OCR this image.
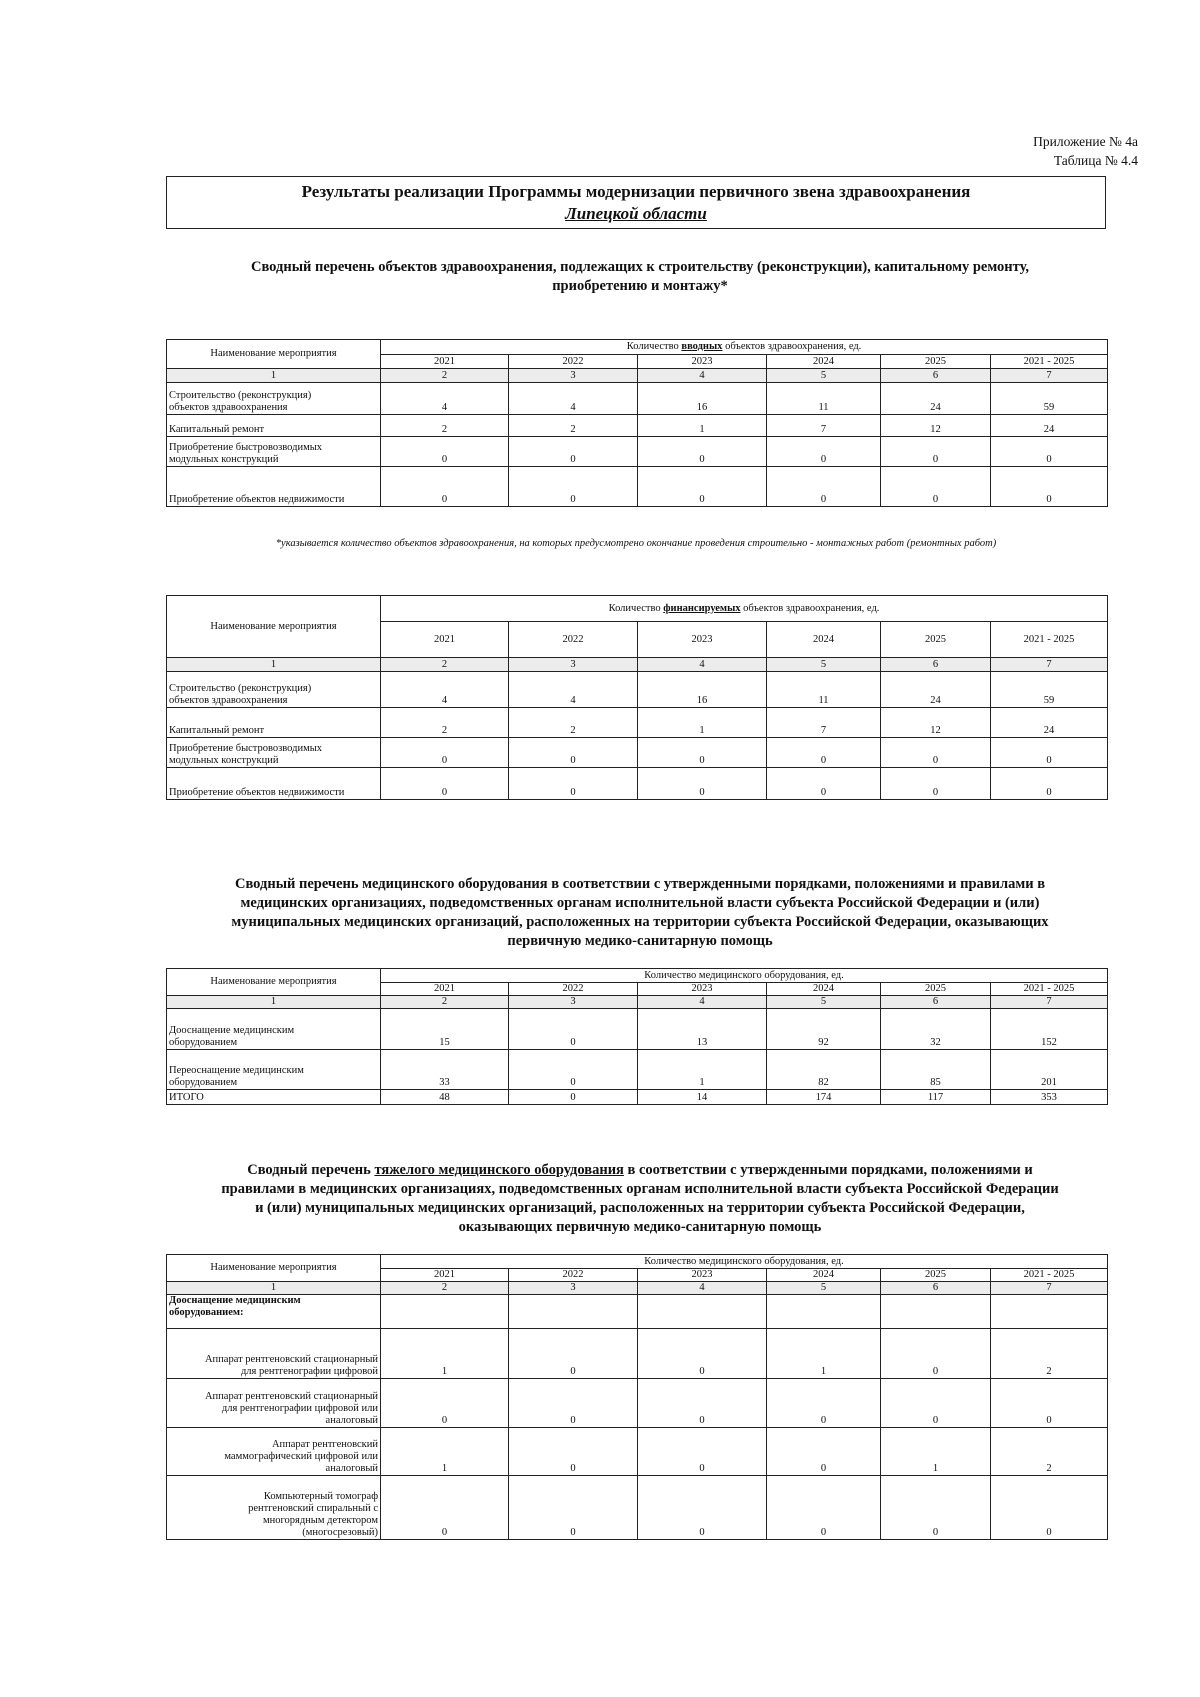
Приложение № 4а
Таблица № 4.4
Результаты реализации Программы модернизации первичного звена здравоохранения
Липецкой области
Сводный перечень объектов здравоохранения, подлежащих к строительству (реконструкции), капитальному ремонту,
приобретению и монтажу*
Наименование мероприятия	Количество вводных объектов здравоохранения, ед.					
	2021	2022	2023	2024	2025	2021 - 2025
1	2	3	4	5	6	7

Строительство (реконструкция)
объектов здравоохранения	4	4	16	11	24	59
Капитальный ремонт	2	2	1	7	12	24

Приобретение быстровозводимых
модульных конструкций	0	0	0	0	0	0
Приобретение объектов недвижимости	0	0	0	0	0	0
*указывается количество объектов здравоохранения, на которых предусмотрено окончание проведения строительно - монтажных работ (ремонтных работ)
Наименование мероприятия	Количество финансируемых объектов здравоохранения, ед.					
	2021	2022	2023	2024	2025	2021 - 2025
1	2	3	4	5	6	7

Строительство (реконструкция)
объектов здравоохранения	4	4	16	11	24	59
Капитальный ремонт	2	2	1	7	12	24

Приобретение быстровозводимых
модульных конструкций	0	0	0	0	0	0
Приобретение объектов недвижимости	0	0	0	0	0	0
Сводный перечень медицинского оборудования в соответствии с утвержденными порядками, положениями и правилами в
медицинских организациях, подведомственных органам исполнительной власти субъекта Российской Федерации и (или)
муниципальных медицинских организаций, расположенных на территории субъекта Российской Федерации, оказывающих
первичную медико-санитарную помощь
Наименование мероприятия	Количество медицинского оборудования, ед.					
	2021	2022	2023	2024	2025	2021 - 2025
1	2	3	4	5	6	7

Дооснащение медицинским
оборудованием	15	0	13	92	32	152

Переоснащение медицинским
оборудованием	33	0	1	82	85	201
ИТОГО	48	0	14	174	117	353
Сводный перечень тяжелого медицинского оборудования в соответствии с утвержденными порядками, положениями и
правилами в медицинских организациях, подведомственных органам исполнительной власти субъекта Российской Федерации
и (или) муниципальных медицинских организаций, расположенных на территории субъекта Российской Федерации,
оказывающих первичную медико-санитарную помощь
Наименование мероприятия	Количество медицинского оборудования, ед.					
	2021	2022	2023	2024	2025	2021 - 2025
1	2	3	4	5	6	7

Дооснащение медицинским
оборудованием:						

Аппарат рентгеновский стационарный
для рентгенографии цифровой	1	0	0	1	0	2

Аппарат рентгеновский стационарный
для рентгенографии цифровой или
аналоговый	0	0	0	0	0	0

Аппарат рентгеновский
маммографический цифровой или
аналоговый	1	0	0	0	1	2

Компьютерный томограф
рентгеновский спиральный с
многорядным детектором
(многосрезовый)	0	0	0	0	0	0
